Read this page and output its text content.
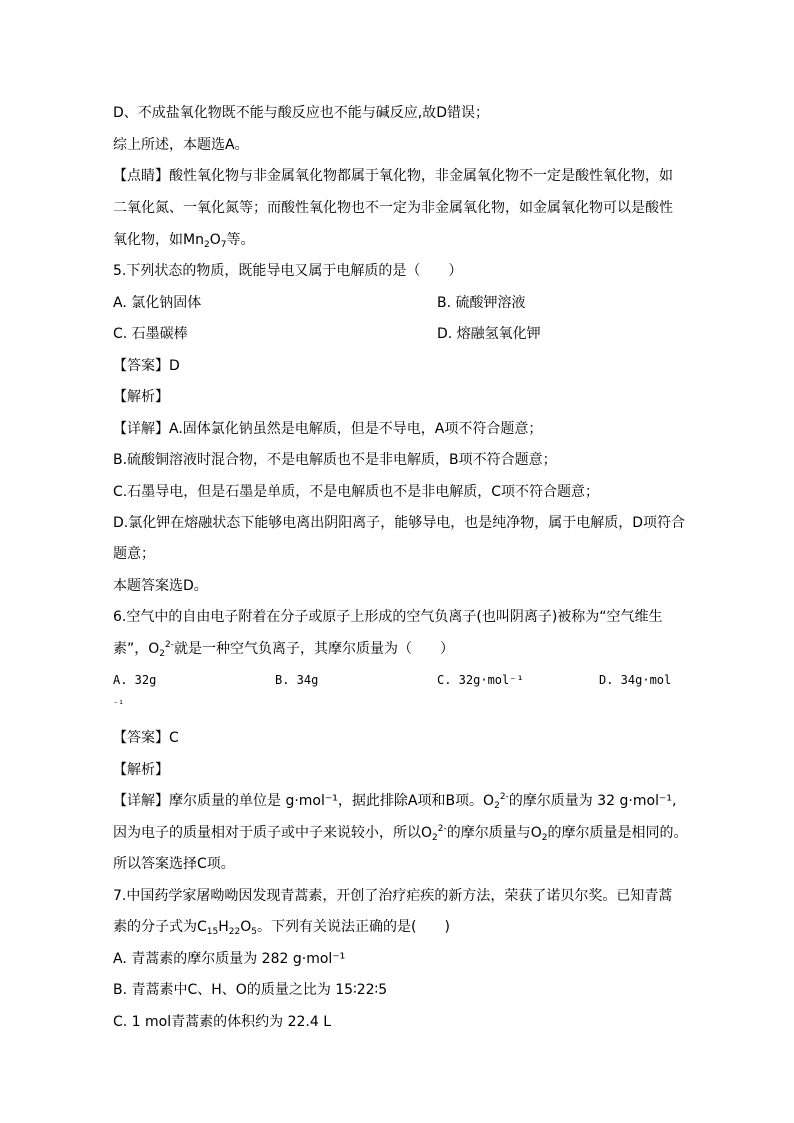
D、不成盐氧化物既不能与酸反应也不能与碱反应,故D错误；
综上所述，本题选A。
【点睛】酸性氧化物与非金属氧化物都属于氧化物，非金属氧化物不一定是酸性氧化物，如
二氧化氮、一氧化氮等；而酸性氧化物也不一定为非金属氧化物，如金属氧化物可以是酸性
氧化物，如$Mn_2O_7$等。
5.下列状态的物质，既能导电又属于电解质的是（　　）
A. 氯化钠固体	B. 硫酸钾溶液
C. 石墨碳棒	D. 熔融氢氧化钾
【答案】D
【解析】
【详解】A.固体氯化钠虽然是电解质，但是不导电，A项不符合题意；
B.硫酸铜溶液时混合物，不是电解质也不是非电解质，B项不符合题意；
C.石墨导电，但是石墨是单质，不是电解质也不是非电解质，C项不符合题意；
D.氯化钾在熔融状态下能够电离出阴阳离子，能够导电，也是纯净物，属于电解质，D项符合
题意；
本题答案选D。
6.空气中的自由电子附着在分子或原子上形成的空气负离子(也叫阴离子)被称为“空气维生
素”，$O_2^{2-}$就是一种空气负离子，其摩尔质量为（　　）
A. 32g	B. 34g	C. 32g·mol⁻¹	D. 34g·mol
⁻¹
【答案】C
【解析】
【详解】摩尔质量的单位是 g·mol⁻¹，据此排除A项和B项。$O_2^{2-}$的摩尔质量为 32 g·mol⁻¹,
因为电子的质量相对于质子或中子来说较小，所以$O_2^{2-}$的摩尔质量与$O_2$的摩尔质量是相同的。
所以答案选择C项。
7.中国药学家屠呦呦因发现青蒿素，开创了治疗疟疾的新方法，荣获了诺贝尔奖。已知青蒿
素的分子式为$C_{15}H_{22}O_5$。下列有关说法正确的是(　　)
A. 青蒿素的摩尔质量为 282 g·mol⁻¹
B. 青蒿素中C、H、O的质量之比为 15∶22∶5
C. 1 mol青蒿素的体积约为 22.4 L
